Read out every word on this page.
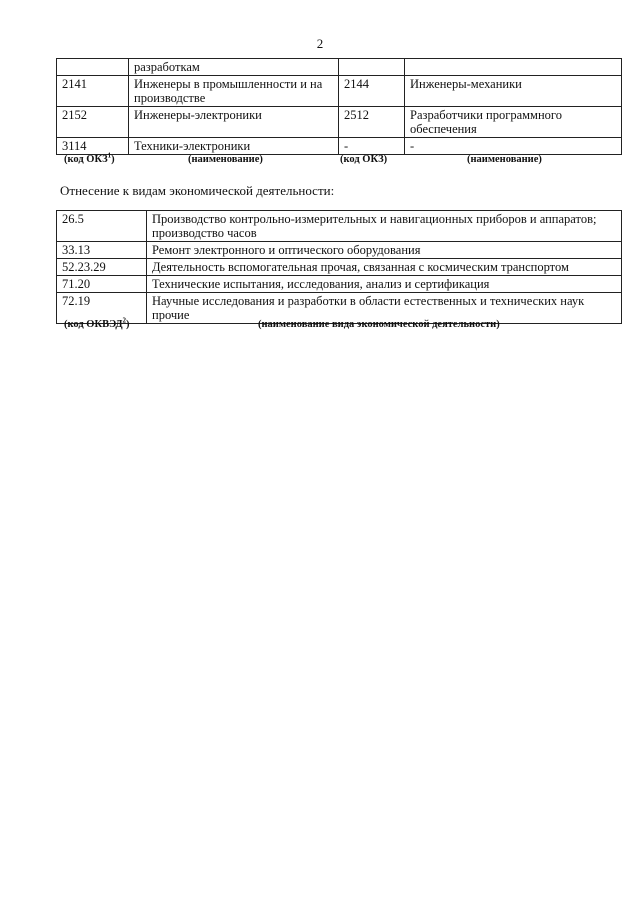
2
	разработкам		
2141	Инженеры в промышленности и на производстве	2144	Инженеры-механики
2152	Инженеры-электроники	2512	Разработчики программного обеспечения
3114	Техники-электроники	-	-
(код ОКЗ$^1$)	(наименование)	(код ОКЗ)	(наименование)
Отнесение к видам экономической деятельности:
26.5	Производство контрольно-измерительных и навигационных приборов и аппаратов; производство часов
33.13	Ремонт электронного и оптического оборудования
52.23.29	Деятельность вспомогательная прочая, связанная с космическим транспортом
71.20	Технические испытания, исследования, анализ и сертификация
72.19	Научные исследования и разработки в области естественных и технических наук прочие
(код ОКВЭД$^2$)	(наименование вида экономической деятельности)
